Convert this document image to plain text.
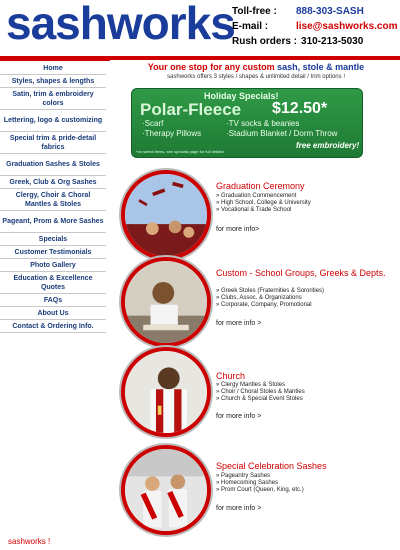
sashworks
Toll-free :	888-303-SASH
E-mail :	lise@sashworks.com
Rush orders : 310-213-5030
Home
Styles, shapes & lengths
Satin, trim & embroidery colors
Lettering, logo & customizing
Special trim & pride-detail fabrics
Graduation Sashes & Stoles
Greek, Club & Org Sashes
Clergy, Choir & Choral Mantles & Stoles
Pageant, Prom & More Sashes
Specials
Customer Testimonials
Photo Gallery
Education & Excellence Quotes
FAQs
About Us
Contact & Ordering Info.
Your one stop for any custom sash, stole & mantle
sashworks offers 3 styles / shapes & unlimited detail / trim options !
Holiday Specials!
Polar-Fleece $12.50*
·Scarf
·Therapy Pillows
·TV socks & beanies
·Stadium Blanket / Dorm Throw
*on select items, see specials page for full details!
free embroidery!
Graduation Ceremony
» Graduation Commencement
» High School, College & University
» Vocational & Trade School
for more info>
Custom - School Groups, Greeks & Depts.
» Greek Stoles (Fraternities & Sororities)
» Clubs, Assoc. & Organizations
» Corporate, Company, Promotional
for more info >
Church
» Clergy Mantles & Stoles
» Choir / Choral Stoles & Mantles
» Church & Special Event Stoles
for more info >
Special Celebration Sashes
» Pageantry Sashes
» Homecoming Sashes
» Prom Court (Queen, King, etc.)
for more info >
sashworks !
